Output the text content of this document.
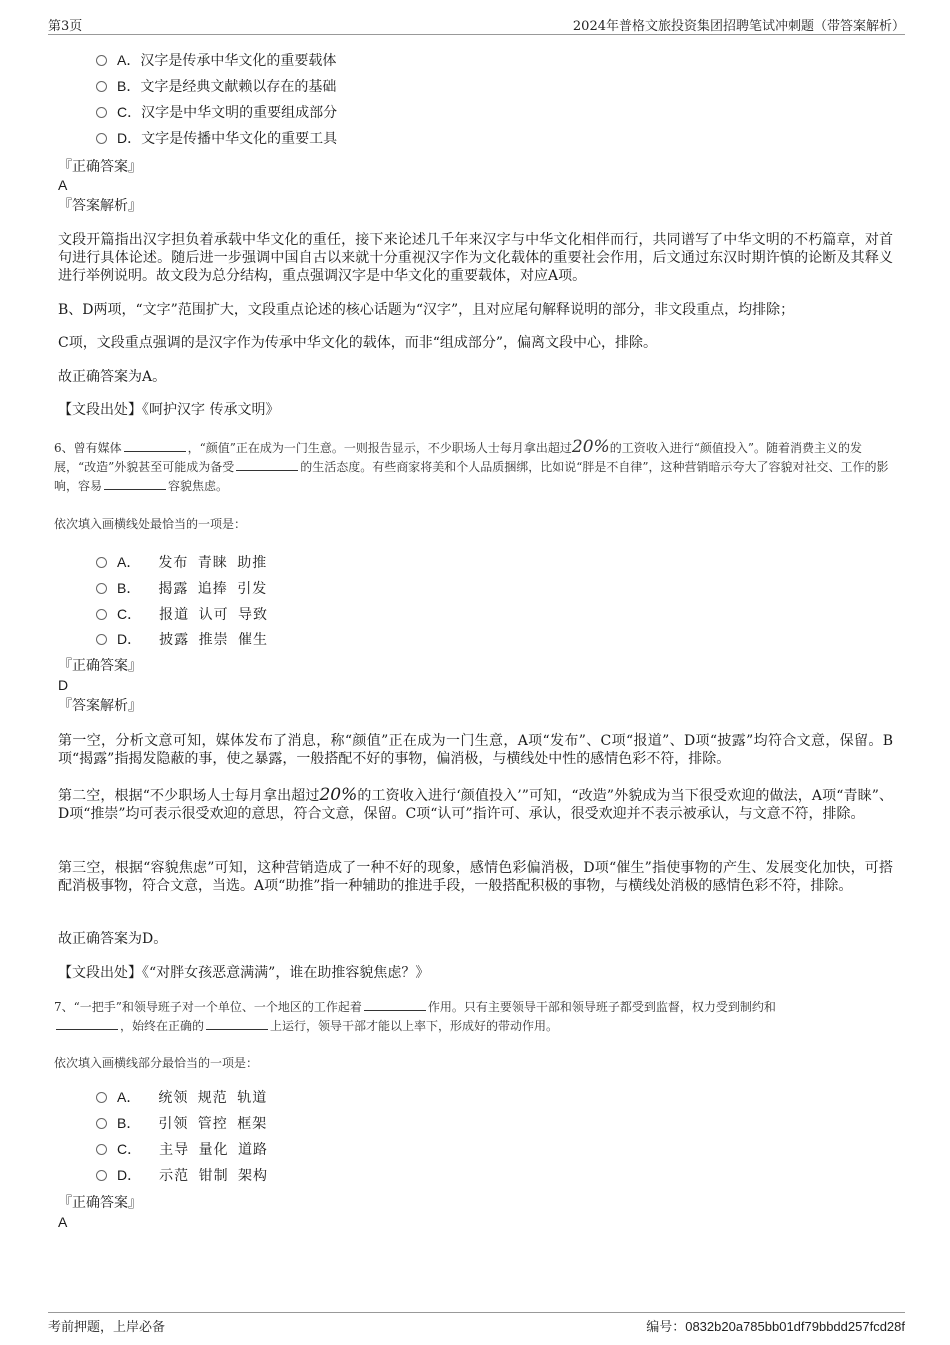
第3页	2024年普格文旅投资集团招聘笔试冲刺题（带答案解析）
A．汉字是传承中华文化的重要载体
B．文字是经典文献赖以存在的基础
C．汉字是中华文明的重要组成部分
D．文字是传播中华文化的重要工具
『正确答案』
A
『答案解析』
文段开篇指出汉字担负着承载中华文化的重任，接下来论述几千年来汉字与中华文化相伴而行，共同谱写了中华文明的不朽篇章，对首句进行具体论述。随后进一步强调中国自古以来就十分重视汉字作为文化载体的重要社会作用，后文通过东汉时期许慎的论断及其释义进行举例说明。故文段为总分结构，重点强调汉字是中华文化的重要载体，对应A项。
B、D两项，“文字”范围扩大，文段重点论述的核心话题为“汉字”，且对应尾句解释说明的部分，非文段重点，均排除；
C项，文段重点强调的是汉字作为传承中华文化的载体，而非“组成部分”，偏离文段中心，排除。
故正确答案为A。
【文段出处】《呵护汉字 传承文明》
6、曾有媒体	，“颜值”正在成为一门生意。一则报告显示，不少职场人士每月拿出超过20%的工资收入进行“颜值投入”。随着消费主义的发展，“改造”外貌甚至可能成为备受	的生活态度。有些商家将美和个人品质捆绑，比如说“胖是不自律”，这种营销暗示夸大了容貌对社交、工作的影响，容易	容貌焦虑。
依次填入画横线处最恰当的一项是：
A． 发布 青睐 助推
B． 揭露 追捧 引发
C． 报道 认可 导致
D． 披露 推崇 催生
『正确答案』
D
『答案解析』
第一空，分析文意可知，媒体发布了消息，称“颜值”正在成为一门生意，A项“发布”、C项“报道”、D项“披露”均符合文意，保留。B项“揭露”指揭发隐蔽的事，使之暴露，一般搭配不好的事物，偏消极，与横线处中性的感情色彩不符，排除。
第二空，根据“不少职场人士每月拿出超过20%的工资收入进行‘颜值投入’”可知，“改造”外貌成为当下很受欢迎的做法，A项“青睐”、D项“推崇”均可表示很受欢迎的意思，符合文意，保留。C项“认可”指许可、承认，很受欢迎并不表示被承认，与文意不符，排除。
第三空，根据“容貌焦虑”可知，这种营销造成了一种不好的现象，感情色彩偏消极，D项“催生”指使事物的产生、发展变化加快，可搭配消极事物，符合文意，当选。A项“助推”指一种辅助的推进手段，一般搭配积极的事物，与横线处消极的感情色彩不符，排除。
故正确答案为D。
【文段出处】《“对胖女孩恶意满满”，谁在助推容貌焦虑？》
7、“一把手”和领导班子对一个单位、一个地区的工作起着	作用。只有主要领导干部和领导班子都受到监督，权力受到制约和
，始终在正确的	上运行，领导干部才能以上率下，形成好的带动作用。
依次填入画横线部分最恰当的一项是：
A． 统领 规范 轨道
B． 引领 管控 框架
C． 主导 量化 道路
D． 示范 钳制 架构
『正确答案』
A
考前押题，上岸必备	编号：0832b20a785bb01df79bbdd257fcd28f
